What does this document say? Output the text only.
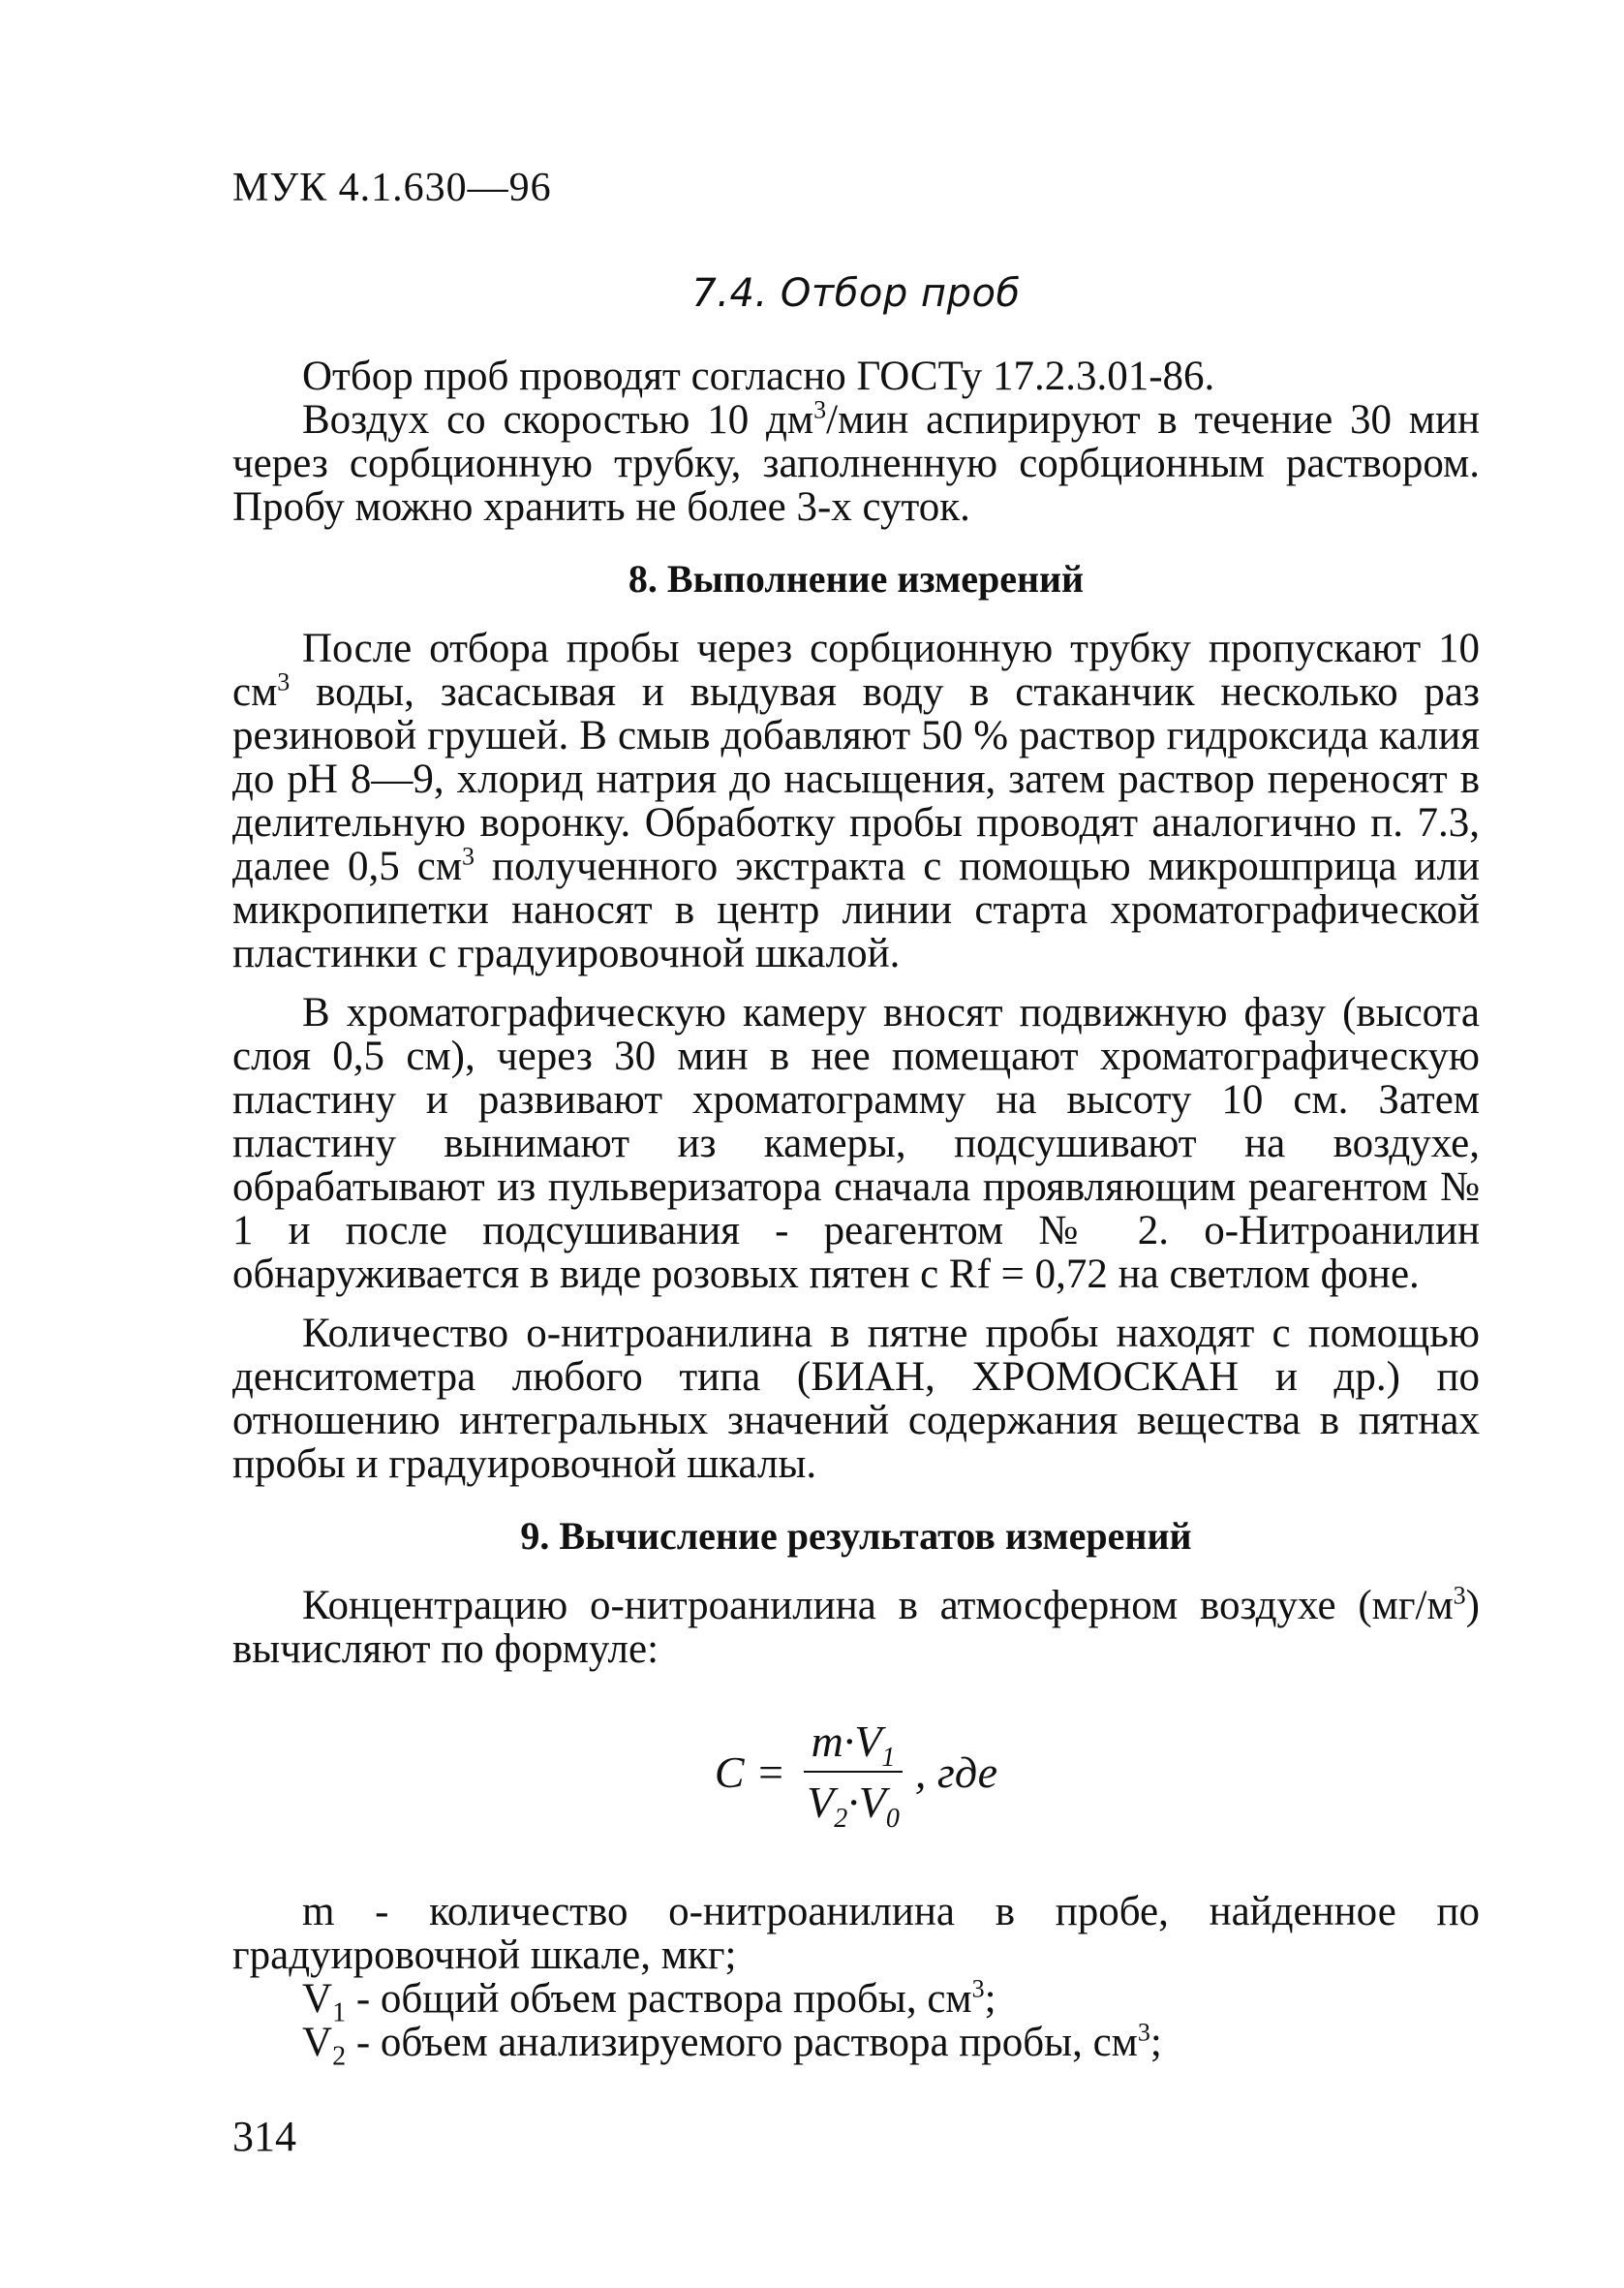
МУК 4.1.630—96
7.4. Отбор проб

Отбор проб проводят согласно ГОСТу 17.2.3.01-86.

Воздух со скоростью 10 $дм^3$/мин аспирируют в течение 30 мин через сорбционную трубку, заполненную сорбционным раствором. Пробу можно хранить не более 3-х суток.

8. Выполнение измерений

После отбора пробы через сорбционную трубку пропускают 10 $см^3$ воды, засасывая и выдувая воду в стаканчик несколько раз резиновой грушей. В смыв добавляют 50 % раствор гидроксида калия до рН 8—9, хлорид натрия до насыщения, затем раствор переносят в делительную воронку. Обработку пробы проводят аналогично п. 7.3, далее 0,5 $см^3$ полученного экстракта с помощью микрошприца или микропипетки наносят в центр линии старта хроматографической пластинки с градуировочной шкалой.

В хроматографическую камеру вносят подвижную фазу (высота слоя 0,5 см), через 30 мин в нее помещают хроматографическую пластину и развивают хроматограмму на высоту 10 см. Затем пластину вынимают из камеры, подсушивают на воздухе, обрабатывают из пульверизатора сначала проявляющим реагентом № 1 и после подсушивания - реагентом № 2. о-Нитроанилин обнаруживается в виде розовых пятен с Rf = 0,72 на светлом фоне.

Количество о-нитроанилина в пятне пробы находят с помощью денситометра любого типа (БИАН, ХРОМОСКАН и др.) по отношению интегральных значений содержания вещества в пятнах пробы и градуировочной шкалы.

9. Вычисление результатов измерений

Концентрацию о-нитроанилина в атмосферном воздухе $(мг/м^3)$ вычисляют по формуле:

$C = \frac{m\cdot V_1}{V_2\cdot V_0}$ , где

m - количество о-нитроанилина в пробе, найденное по градуировочной шкале, мкг;

$V_1$ - общий объем раствора пробы, $см^3$;

$V_2$ - объем анализируемого раствора пробы, $см^3$;

314
